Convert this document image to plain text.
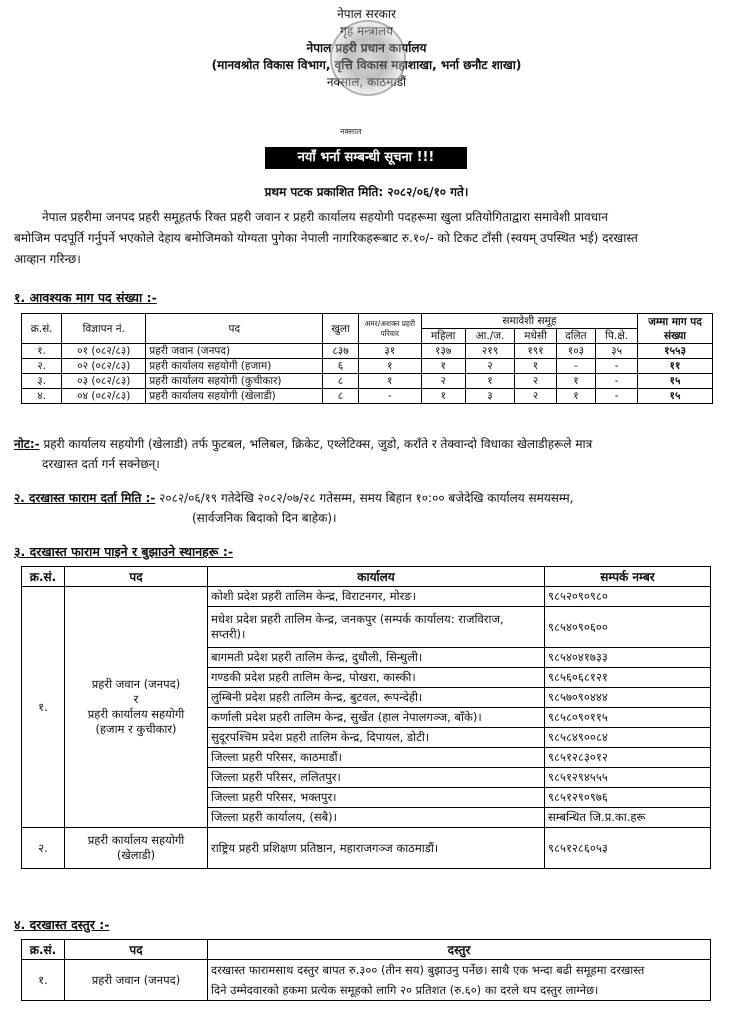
नेपाल सरकार
गृह मन्त्रालय
नेपाल प्रहरी प्रधान कार्यालय
(मानवश्रोत विकास विभाग, वृत्ति विकास महाशाखा, भर्ना छनौट शाखा)
नक्साल, काठमाडौं
नक्साल
नयाँ भर्ना सम्बन्धी सूचना !!!
प्रथम पटक प्रकाशित मिति: २०८२/०६/१० गते।
नेपाल प्रहरीमा जनपद प्रहरी समूहतर्फ रिक्त प्रहरी जवान र प्रहरी कार्यालय सहयोगी पदहरूमा खुला प्रतियोगिताद्वारा समावेशी प्रावधान
बमोजिम पदपूर्ति गर्नुपर्ने भएकोले देहाय बमोजिमको योग्यता पुगेका नेपाली नागरिकहरूबाट रु.१०/- को टिकट टाँसी (स्वयम् उपस्थित भई) दरखास्त
आव्हान गरिन्छ।
१. आवश्यक माग पद संख्या :-
क्र.सं.	विज्ञापन नं.	पद	खुला	अमर/अशक्त प्रहरी परिवार	समावेशी समूह					जम्मा माग पद संख्या
					महिला	आ./ज.	मधेसी	दलित	पि.क्षे.	
१.	०१ (०८२/८३)	प्रहरी जवान (जनपद)	८३७	३१	१३७	२१९	१९१	१०३	३५	१५५३
२.	०२ (०८२/८३)	प्रहरी कार्यालय सहयोगी (हजाम)	६	१	१	२	१	-	-	११
३.	०३ (०८२/८३)	प्रहरी कार्यालय सहयोगी (कुचीकार)	८	१	२	१	२	१	-	१५
४.	०४ (०८२/८३)	प्रहरी कार्यालय सहयोगी (खेलाडी)	८	-	१	३	२	१	-	१५
नोट:- प्रहरी कार्यालय सहयोगी (खेलाडी) तर्फ फुटबल, भलिबल, क्रिकेट, एथ्लेटिक्स, जुडो, कराँते र तेक्वान्दो विधाका खेलाडीहरूले मात्र
दरखास्त दर्ता गर्न सक्नेछन्।
२. दरखास्त फाराम दर्ता मिति :- २०८२/०६/१९ गतेदेखि २०८२/०७/२८ गतेसम्म, समय बिहान १०:०० बजेदेखि कार्यालय समयसम्म,
(सार्वजनिक बिदाको दिन बाहेक)।
३. दरखास्त फाराम पाइने र बुझाउने स्थानहरू :-
क्र.सं.	पद	कार्यालय	सम्पर्क नम्बर
१.	प्रहरी जवान (जनपद)
र
प्रहरी कार्यालय सहयोगी
(हजाम र कुचीकार)	कोशी प्रदेश प्रहरी तालिम केन्द्र, विराटनगर, मोरङ।	९८५२०९०९८०
		मधेश प्रदेश प्रहरी तालिम केन्द्र, जनकपुर (सम्पर्क कार्यालय: राजविराज, सप्तरी)।	९८५४०९०६००
		बागमती प्रदेश प्रहरी तालिम केन्द्र, दुधौली, सिन्धुली।	९८५४०४१७३३
		गण्डकी प्रदेश प्रहरी तालिम केन्द्र, पोखरा, कास्की।	९८५६०६८१२१
		लुम्बिनी प्रदेश प्रहरी तालिम केन्द्र, बुटवल, रूपन्देही।	९८५७०९०४४४
		कर्णाली प्रदेश प्रहरी तालिम केन्द्र, सुर्खेत (हाल नेपालगञ्ज, बाँके)।	९८५८०९०११५
		सुदूरपश्चिम प्रदेश प्रहरी तालिम केन्द्र, दिपायल, डोटी।	९८५८४९००८४
		जिल्ला प्रहरी परिसर, काठमाडौं।	९८५१२८३०१२
		जिल्ला प्रहरी परिसर, ललितपुर।	९८५१२९४५५५
		जिल्ला प्रहरी परिसर, भक्तपुर।	९८५१२९०९७६
		जिल्ला प्रहरी कार्यालय, (सबै)।	सम्बन्धित जि.प्र.का.हरू
२.	प्रहरी कार्यालय सहयोगी
(खेलाडी)	राष्ट्रिय प्रहरी प्रशिक्षण प्रतिष्ठान, महाराजगञ्ज काठमाडौं।	९८५१२८६०५३
४. दरखास्त दस्तुर :-
क्र.सं.	पद	दस्तुर
१.	प्रहरी जवान (जनपद)	दरखास्त फारामसाथ दस्तुर बापत रु.३०० (तीन सय) बुझाउनु पर्नेछ। साथै एक भन्दा बढी समूहमा दरखास्त
दिने उम्मेदवारको हकमा प्रत्येक समूहको लागि २० प्रतिशत (रु.६०) का दरले थप दस्तुर लाग्नेछ।
